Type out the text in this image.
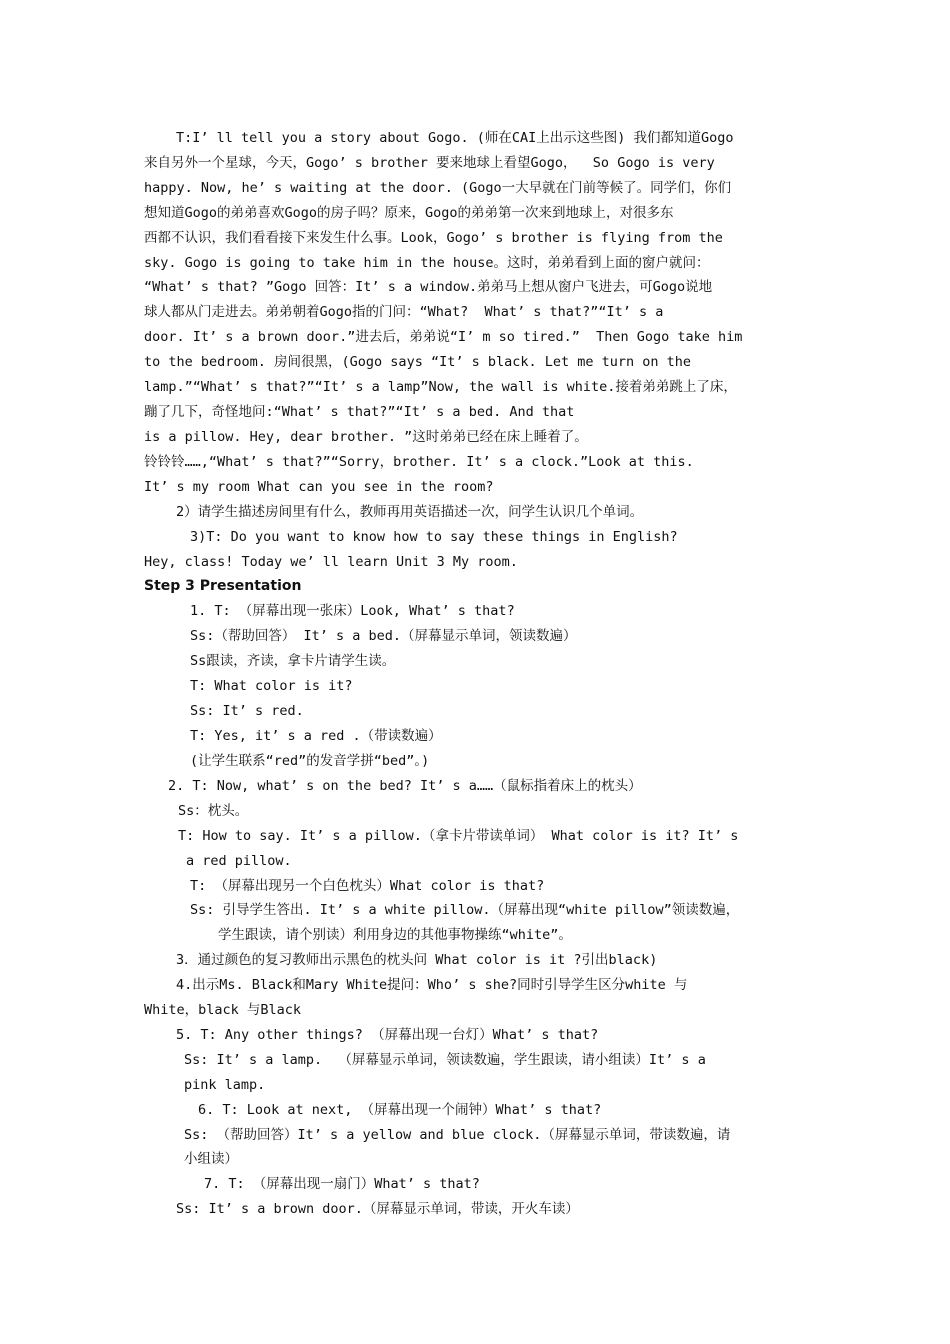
T:I’ ll tell you a story about Gogo. (师在CAI上出示这些图) 我们都知道Gogo
来自另外一个星球，今天，Gogo’ s brother 要来地球上看望Gogo，  So Gogo is very
happy. Now, he’ s waiting at the door. (Gogo一大早就在门前等候了。同学们，你们
想知道Gogo的弟弟喜欢Gogo的房子吗？原来，Gogo的弟弟第一次来到地球上，对很多东
西都不认识，我们看看接下来发生什么事。Look，Gogo’ s brother is flying from the
sky. Gogo is going to take him in the house。这时，弟弟看到上面的窗户就问：
“What’ s that? ”Gogo 回答：It’ s a window.弟弟马上想从窗户飞进去，可Gogo说地
球人都从门走进去。弟弟朝着Gogo指的门问：“What?  What’ s that?”“It’ s a
door. It’ s a brown door.”进去后，弟弟说“I’ m so tired.”  Then Gogo take him
to the bedroom. 房间很黑，(Gogo says “It’ s black. Let me turn on the
lamp.”“What’ s that?”“It’ s a lamp”Now, the wall is white.接着弟弟跳上了床，
蹦了几下，奇怪地问:“What’ s that?”“It’ s a bed. And that
is a pillow. Hey, dear brother. ”这时弟弟已经在床上睡着了。
铃铃铃……,“What’ s that?”“Sorry，brother. It’ s a clock.”Look at this.
It’ s my room What can you see in the room?
2）请学生描述房间里有什么，教师再用英语描述一次，问学生认识几个单词。
3)T: Do you want to know how to say these things in English?
Hey, class! Today we’ ll learn Unit 3 My room.
Step 3 Presentation
1. T: （屏幕出现一张床）Look, What’ s that?
Ss:（帮助回答） It’ s a bed.（屏幕显示单词，领读数遍）
Ss跟读，齐读，拿卡片请学生读。
T: What color is it?
Ss: It’ s red.
T: Yes, it’ s a red .（带读数遍）
(让学生联系“red”的发音学拼“bed”。)
2. T: Now, what’ s on the bed? It’ s a……（鼠标指着床上的枕头）
Ss：枕头。
T: How to say. It’ s a pillow.（拿卡片带读单词） What color is it? It’ s
a red pillow.
T: （屏幕出现另一个白色枕头）What color is that?
Ss: 引导学生答出. It’ s a white pillow.（屏幕出现“white pillow”领读数遍，
学生跟读，请个别读）利用身边的其他事物操练“white”。
3．通过颜色的复习教师出示黑色的枕头问 What color is it ?引出black)
4.出示Ms. Black和Mary White提问：Who’ s she?同时引导学生区分white 与
White，black 与Black
5. T: Any other things? （屏幕出现一台灯）What’ s that?
Ss: It’ s a lamp.  （屏幕显示单词，领读数遍，学生跟读，请小组读）It’ s a
pink lamp.
6. T: Look at next, （屏幕出现一个闹钟）What’ s that?
Ss: （帮助回答）It’ s a yellow and blue clock.（屏幕显示单词，带读数遍，请
小组读）
7. T: （屏幕出现一扇门）What’ s that?
Ss: It’ s a brown door.（屏幕显示单词，带读，开火车读）
